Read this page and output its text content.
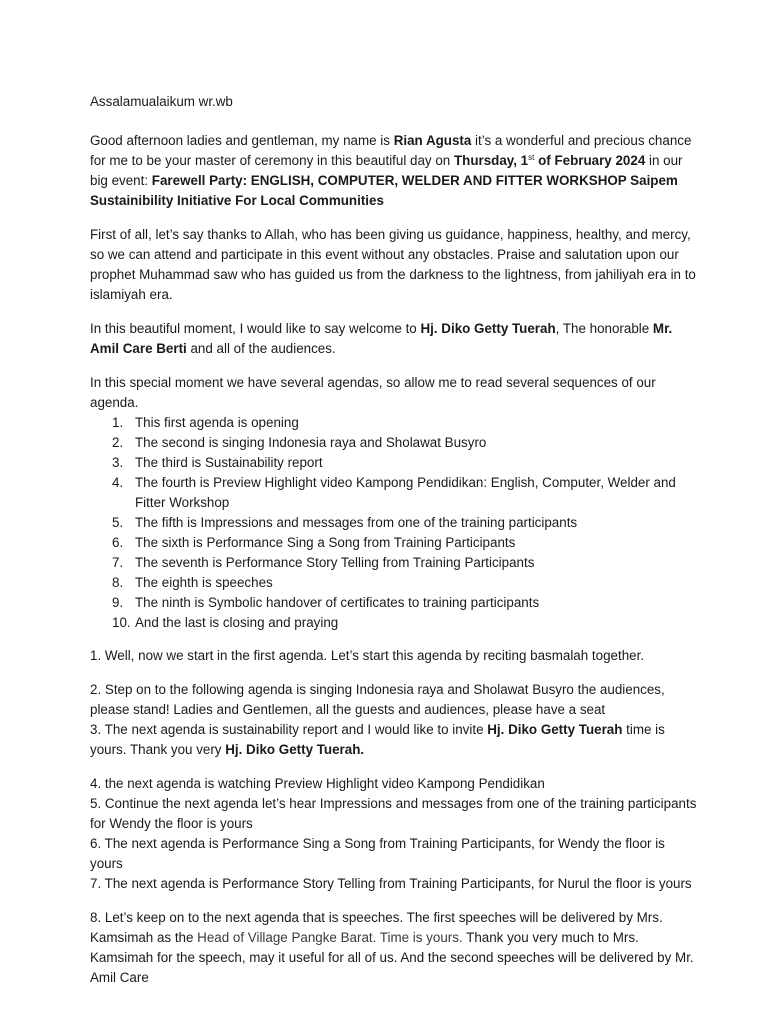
Assalamualaikum wr.wb

Good afternoon ladies and gentleman, my name is Rian Agusta it’s a wonderful and precious chance for me to be your master of ceremony in this beautiful day on Thursday, 1st of February 2024 in our big event: Farewell Party: ENGLISH, COMPUTER, WELDER AND FITTER WORKSHOP Saipem Sustainibility Initiative For Local Communities

First of all, let’s say thanks to Allah, who has been giving us guidance, happiness, healthy, and mercy, so we can attend and participate in this event without any obstacles. Praise and salutation upon our prophet Muhammad saw who has guided us from the darkness to the lightness, from jahiliyah era in to islamiyah era.

In this beautiful moment, I would like to say welcome to Hj. Diko Getty Tuerah, The honorable Mr. Amil Care Berti and all of the audiences.

In this special moment we have several agendas, so allow me to read several sequences of our agenda.

1. This first agenda is opening
2. The second is singing Indonesia raya and Sholawat Busyro
3. The third is Sustainability report
4. The fourth is Preview Highlight video Kampong Pendidikan: English, Computer, Welder and Fitter Workshop
5. The fifth is Impressions and messages from one of the training participants
6. The sixth is Performance Sing a Song from Training Participants
7. The seventh is Performance Story Telling from Training Participants
8. The eighth is speeches
9. The ninth is Symbolic handover of certificates to training participants
10. And the last is closing and praying

1. Well, now we start in the first agenda. Let’s start this agenda by reciting basmalah together.

2. Step on to the following agenda is singing Indonesia raya and Sholawat Busyro the audiences, please stand! Ladies and Gentlemen, all the guests and audiences, please have a seat

3. The next agenda is sustainability report and I would like to invite Hj. Diko Getty Tuerah time is yours. Thank you very Hj. Diko Getty Tuerah.

4. the next agenda is watching Preview Highlight video Kampong Pendidikan

5. Continue the next agenda let’s hear Impressions and messages from one of the training participants for Wendy the floor is yours

6. The next agenda is Performance Sing a Song from Training Participants, for Wendy the floor is yours

7. The next agenda is Performance Story Telling from Training Participants, for Nurul the floor is yours

8. Let’s keep on to the next agenda that is speeches. The first speeches will be delivered by Mrs. Kamsimah as the Head of Village Pangke Barat. Time is yours. Thank you very much to Mrs. Kamsimah for the speech, may it useful for all of us. And the second speeches will be delivered by Mr. Amil Care
